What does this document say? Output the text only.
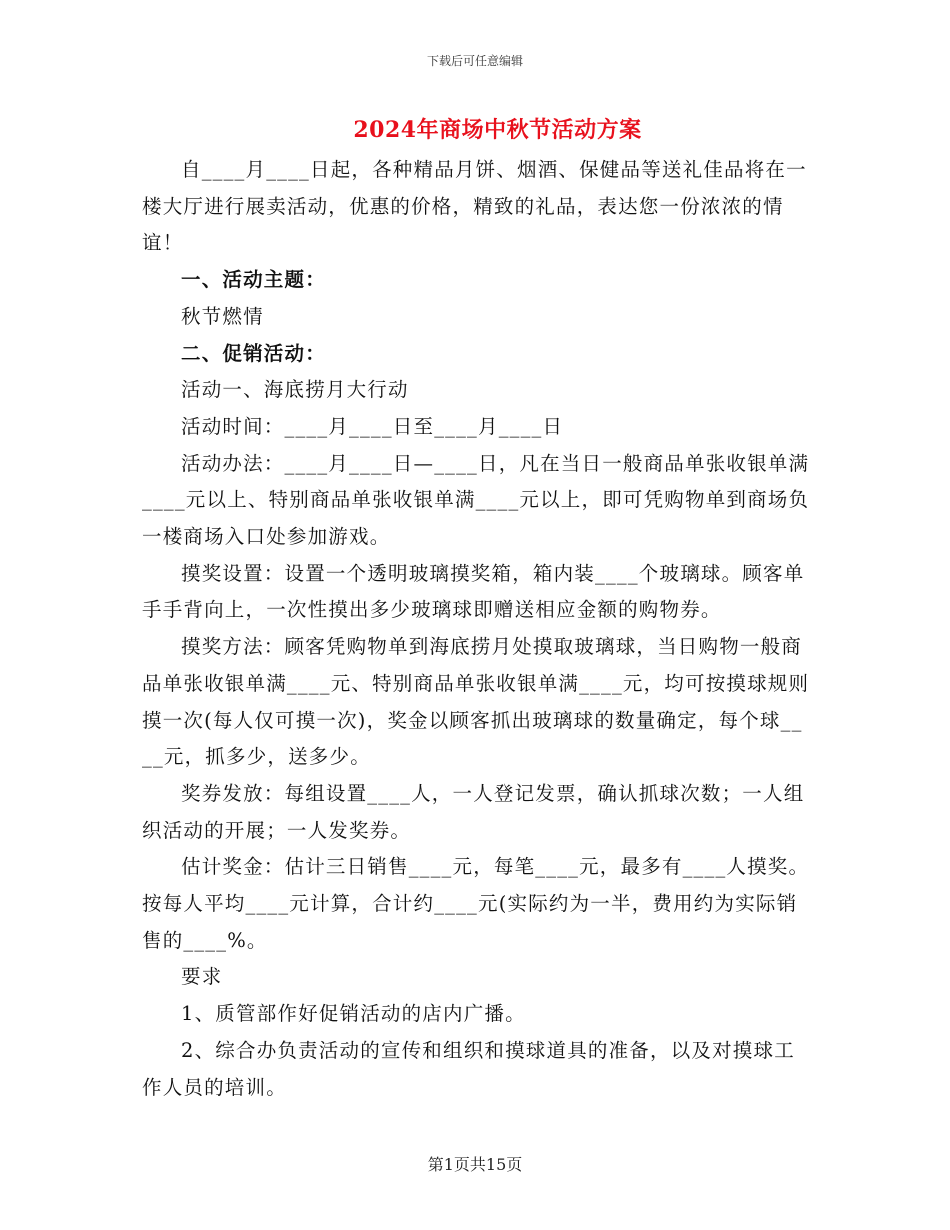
下载后可任意编辑
2024年商场中秋节活动方案

自____月____日起，各种精品月饼、烟酒、保健品等送礼佳品将在一楼大厅进行展卖活动，优惠的价格，精致的礼品，表达您一份浓浓的情谊！

一、活动主题：

秋节燃情

二、促销活动：

活动一、海底捞月大行动

活动时间：____月____日至____月____日

活动办法：____月____日—____日，凡在当日一般商品单张收银单满____元以上、特别商品单张收银单满____元以上，即可凭购物单到商场负一楼商场入口处参加游戏。

摸奖设置：设置一个透明玻璃摸奖箱，箱内装____个玻璃球。顾客单手手背向上，一次性摸出多少玻璃球即赠送相应金额的购物券。

摸奖方法：顾客凭购物单到海底捞月处摸取玻璃球，当日购物一般商品单张收银单满____元、特别商品单张收银单满____元，均可按摸球规则摸一次(每人仅可摸一次)，奖金以顾客抓出玻璃球的数量确定，每个球____元，抓多少，送多少。

奖券发放：每组设置____人，一人登记发票，确认抓球次数；一人组织活动的开展；一人发奖券。

估计奖金：估计三日销售____元，每笔____元，最多有____人摸奖。按每人平均____元计算，合计约____元(实际约为一半，费用约为实际销售的____%。

要求

1、质管部作好促销活动的店内广播。

2、综合办负责活动的宣传和组织和摸球道具的准备，以及对摸球工作人员的培训。

第1页共15页
